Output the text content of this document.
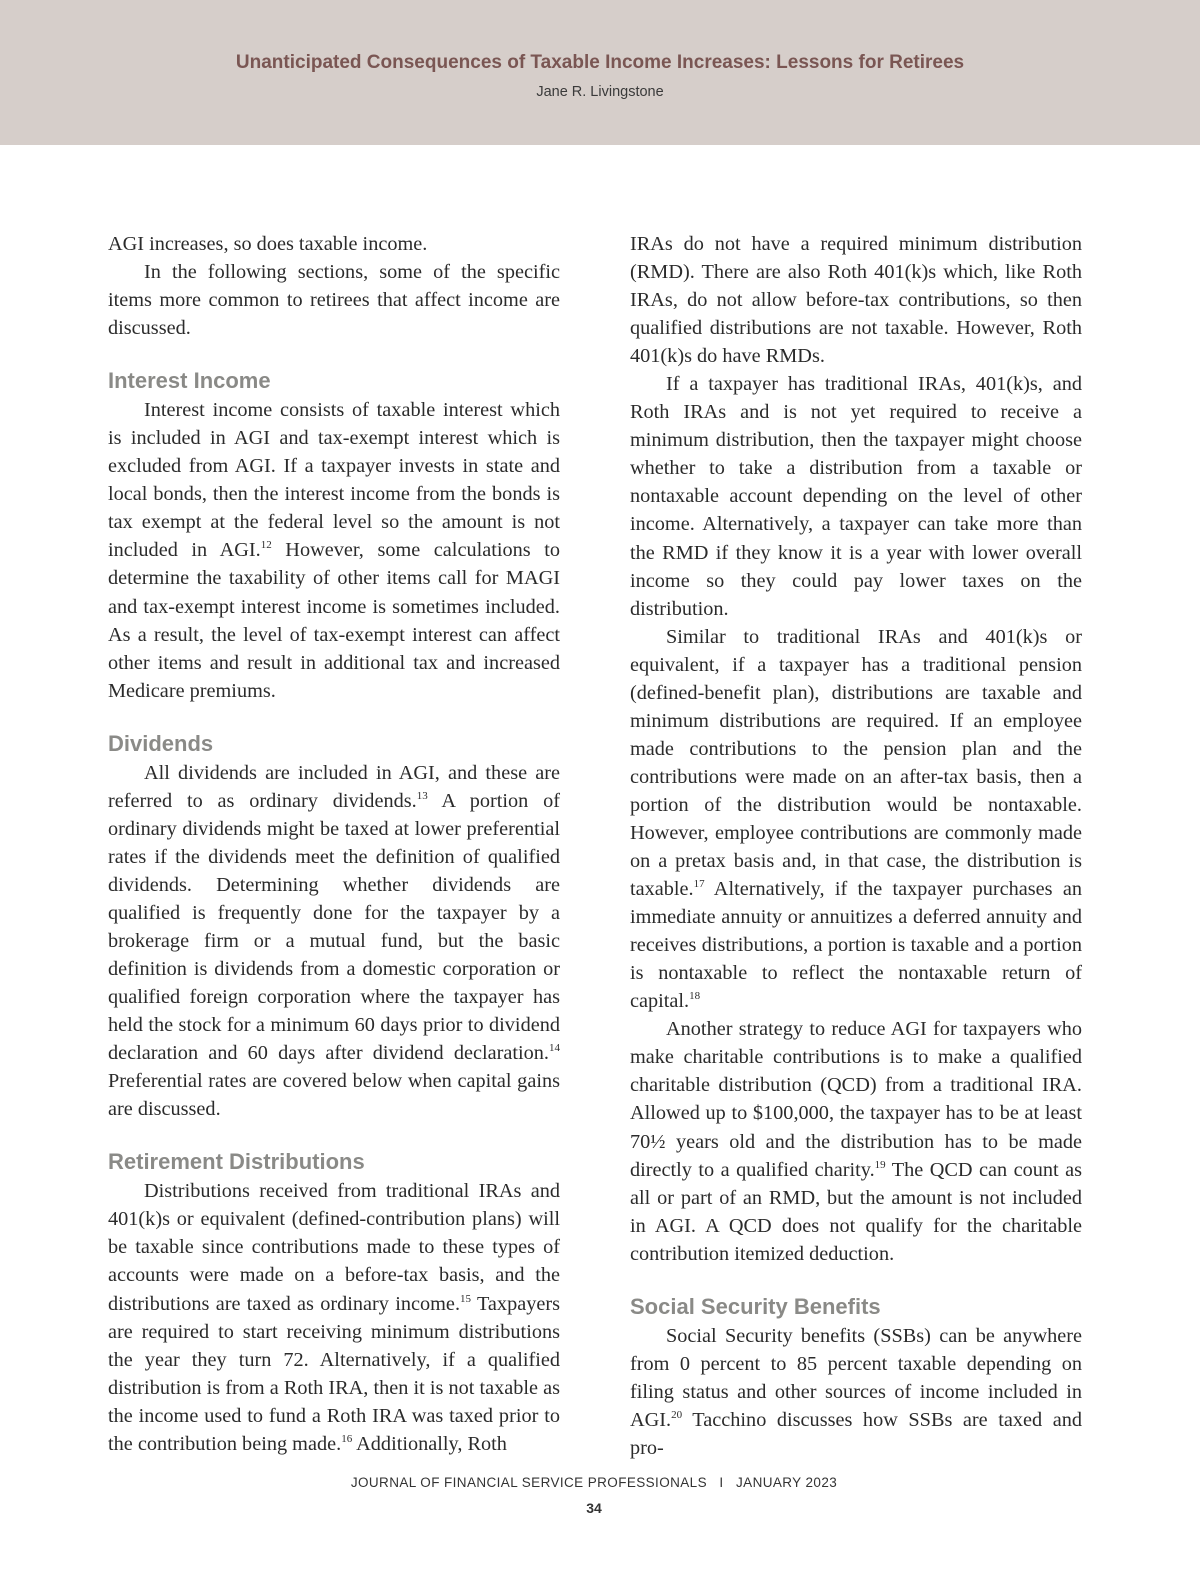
Unanticipated Consequences of Taxable Income Increases: Lessons for Retirees
Jane R. Livingstone

AGI increases, so does taxable income.

In the following sections, some of the specific items more common to retirees that affect income are discussed.

Interest Income

Interest income consists of taxable interest which is included in AGI and tax-exempt interest which is excluded from AGI. If a taxpayer invests in state and local bonds, then the interest income from the bonds is tax exempt at the federal level so the amount is not included in AGI.$^{12}$ However, some calculations to determine the taxability of other items call for MAGI and tax-exempt interest income is sometimes included. As a result, the level of tax-exempt interest can affect other items and result in additional tax and increased Medicare premiums.

Dividends

All dividends are included in AGI, and these are referred to as ordinary dividends.$^{13}$ A portion of ordinary dividends might be taxed at lower preferential rates if the dividends meet the definition of qualified dividends. Determining whether dividends are qualified is frequently done for the taxpayer by a brokerage firm or a mutual fund, but the basic definition is dividends from a domestic corporation or qualified foreign corporation where the taxpayer has held the stock for a minimum 60 days prior to dividend declaration and 60 days after dividend declaration.$^{14}$ Preferential rates are covered below when capital gains are discussed.

Retirement Distributions

Distributions received from traditional IRAs and 401(k)s or equivalent (defined-contribution plans) will be taxable since contributions made to these types of accounts were made on a before-tax basis, and the distributions are taxed as ordinary income.$^{15}$ Taxpayers are required to start receiving minimum distributions the year they turn 72. Alternatively, if a qualified distribution is from a Roth IRA, then it is not taxable as the income used to fund a Roth IRA was taxed prior to the contribution being made.$^{16}$ Additionally, Roth

IRAs do not have a required minimum distribution (RMD). There are also Roth 401(k)s which, like Roth IRAs, do not allow before-tax contributions, so then qualified distributions are not taxable. However, Roth 401(k)s do have RMDs.

If a taxpayer has traditional IRAs, 401(k)s, and Roth IRAs and is not yet required to receive a minimum distribution, then the taxpayer might choose whether to take a distribution from a taxable or nontaxable account depending on the level of other income. Alternatively, a taxpayer can take more than the RMD if they know it is a year with lower overall income so they could pay lower taxes on the distribution.

Similar to traditional IRAs and 401(k)s or equivalent, if a taxpayer has a traditional pension (defined-benefit plan), distributions are taxable and minimum distributions are required. If an employee made contributions to the pension plan and the contributions were made on an after-tax basis, then a portion of the distribution would be nontaxable. However, employee contributions are commonly made on a pretax basis and, in that case, the distribution is taxable.$^{17}$ Alternatively, if the taxpayer purchases an immediate annuity or annuitizes a deferred annuity and receives distributions, a portion is taxable and a portion is nontaxable to reflect the nontaxable return of capital.$^{18}$

Another strategy to reduce AGI for taxpayers who make charitable contributions is to make a qualified charitable distribution (QCD) from a traditional IRA. Allowed up to $100,000, the taxpayer has to be at least 70½ years old and the distribution has to be made directly to a qualified charity.$^{19}$ The QCD can count as all or part of an RMD, but the amount is not included in AGI. A QCD does not qualify for the charitable contribution itemized deduction.

Social Security Benefits

Social Security benefits (SSBs) can be anywhere from 0 percent to 85 percent taxable depending on filing status and other sources of income included in AGI.$^{20}$ Tacchino discusses how SSBs are taxed and pro-

JOURNAL OF FINANCIAL SERVICE PROFESSIONALS   I   JANUARY 2023
34
